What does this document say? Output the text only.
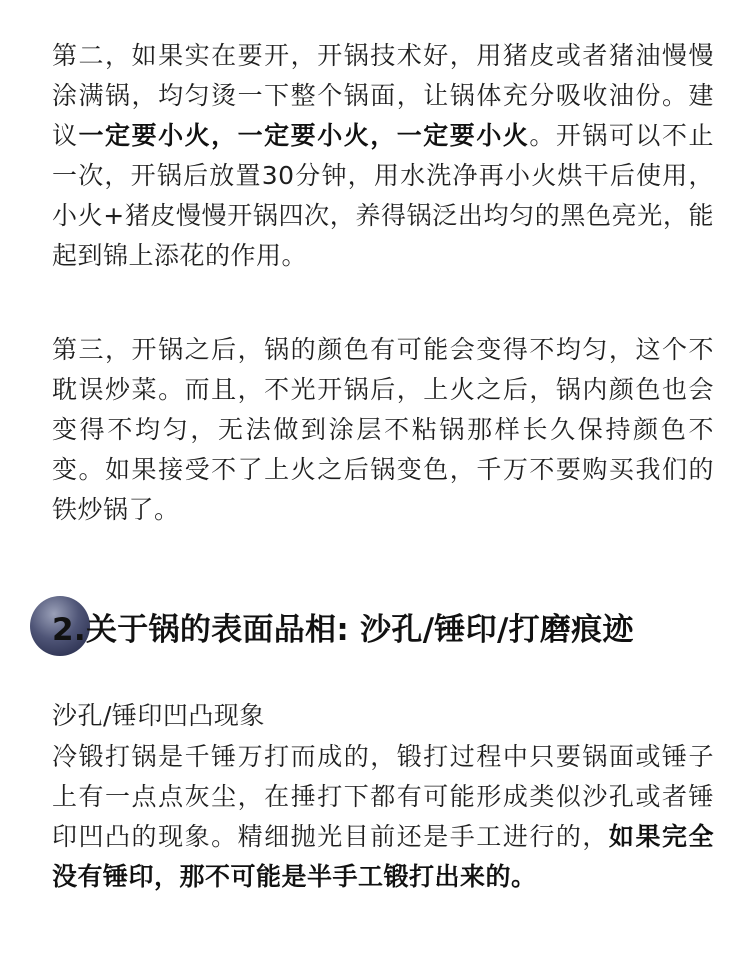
第二，如果实在要开，开锅技术好，用猪皮或者猪油慢慢涂满锅，均匀烫一下整个锅面，让锅体充分吸收油份。建议一定要小火，一定要小火，一定要小火。开锅可以不止一次，开锅后放置30分钟，用水洗净再小火烘干后使用，小火+猪皮慢慢开锅四次，养得锅泛出均匀的黑色亮光，能起到锦上添花的作用。

第三，开锅之后，锅的颜色有可能会变得不均匀，这个不耽误炒菜。而且，不光开锅后，上火之后，锅内颜色也会变得不均匀，无法做到涂层不粘锅那样长久保持颜色不变。如果接受不了上火之后锅变色，千万不要购买我们的铁炒锅了。

2.关于锅的表面品相: 沙孔/锤印/打磨痕迹

沙孔/锤印凹凸现象

冷锻打锅是千锤万打而成的，锻打过程中只要锅面或锤子上有一点点灰尘，在捶打下都有可能形成类似沙孔或者锤印凹凸的现象。精细抛光目前还是手工进行的，如果完全没有锤印，那不可能是半手工锻打出来的。
